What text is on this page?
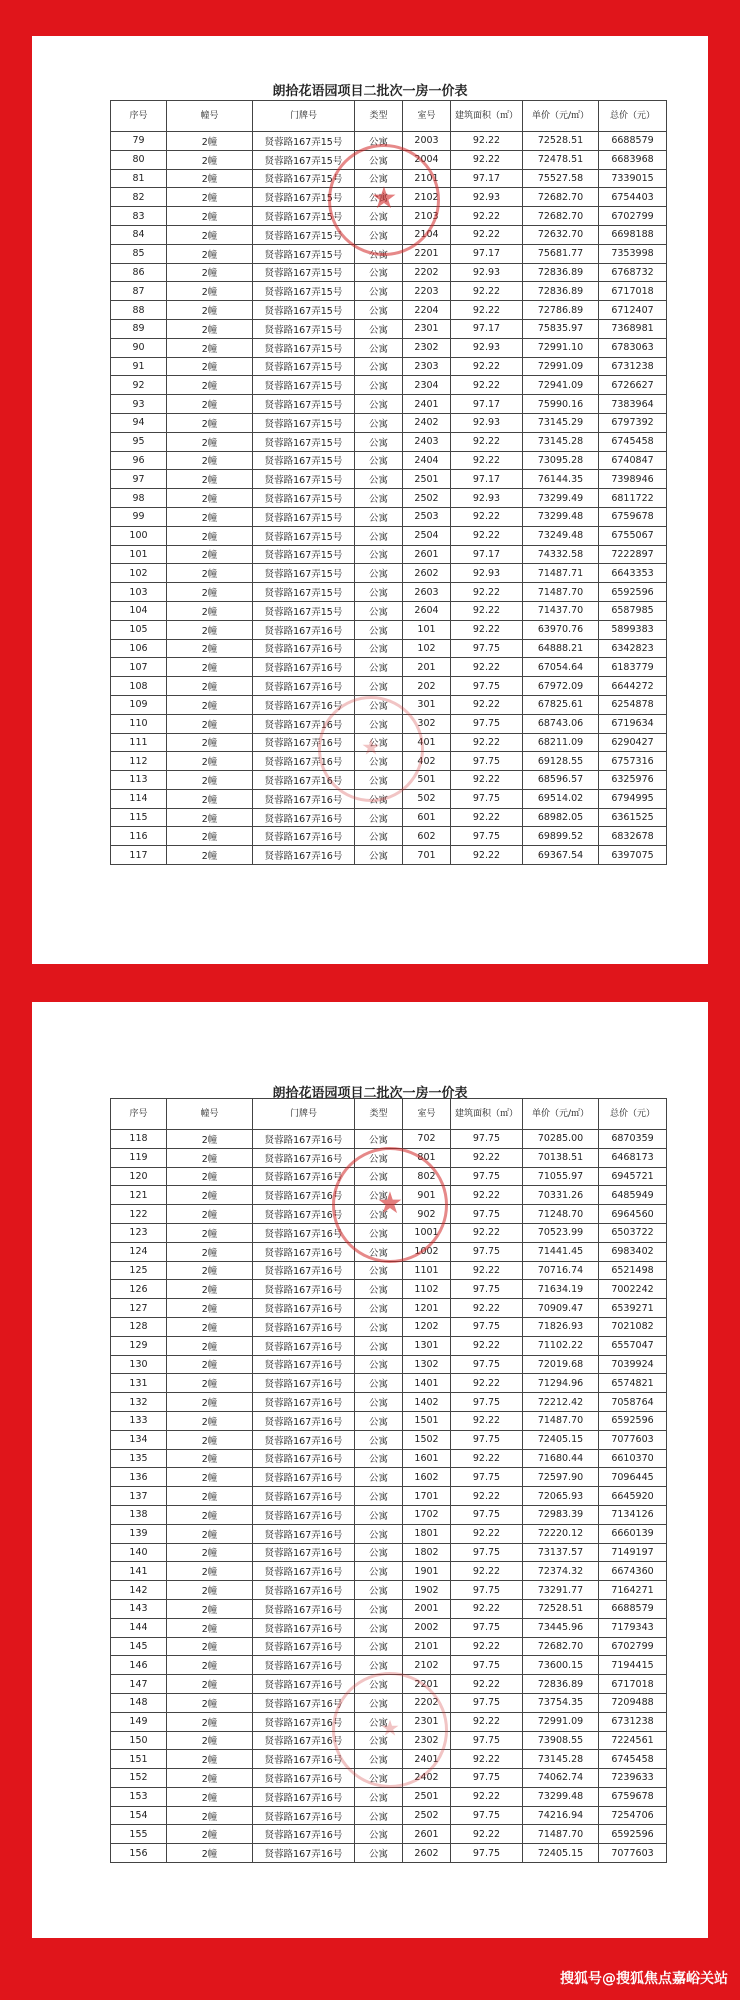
朗拾花语园项目二批次一房一价表
序号	幢号	门牌号	类型	室号	建筑面积（㎡）	单价（元/㎡）	总价（元）
79	2幢	贤蓉路167弄15号	公寓	2003	92.22	72528.51	6688579
80	2幢	贤蓉路167弄15号	公寓	2004	92.22	72478.51	6683968
81	2幢	贤蓉路167弄15号	公寓	2101	97.17	75527.58	7339015
82	2幢	贤蓉路167弄15号	公寓	2102	92.93	72682.70	6754403
83	2幢	贤蓉路167弄15号	公寓	2103	92.22	72682.70	6702799
84	2幢	贤蓉路167弄15号	公寓	2104	92.22	72632.70	6698188
85	2幢	贤蓉路167弄15号	公寓	2201	97.17	75681.77	7353998
86	2幢	贤蓉路167弄15号	公寓	2202	92.93	72836.89	6768732
87	2幢	贤蓉路167弄15号	公寓	2203	92.22	72836.89	6717018
88	2幢	贤蓉路167弄15号	公寓	2204	92.22	72786.89	6712407
89	2幢	贤蓉路167弄15号	公寓	2301	97.17	75835.97	7368981
90	2幢	贤蓉路167弄15号	公寓	2302	92.93	72991.10	6783063
91	2幢	贤蓉路167弄15号	公寓	2303	92.22	72991.09	6731238
92	2幢	贤蓉路167弄15号	公寓	2304	92.22	72941.09	6726627
93	2幢	贤蓉路167弄15号	公寓	2401	97.17	75990.16	7383964
94	2幢	贤蓉路167弄15号	公寓	2402	92.93	73145.29	6797392
95	2幢	贤蓉路167弄15号	公寓	2403	92.22	73145.28	6745458
96	2幢	贤蓉路167弄15号	公寓	2404	92.22	73095.28	6740847
97	2幢	贤蓉路167弄15号	公寓	2501	97.17	76144.35	7398946
98	2幢	贤蓉路167弄15号	公寓	2502	92.93	73299.49	6811722
99	2幢	贤蓉路167弄15号	公寓	2503	92.22	73299.48	6759678
100	2幢	贤蓉路167弄15号	公寓	2504	92.22	73249.48	6755067
101	2幢	贤蓉路167弄15号	公寓	2601	97.17	74332.58	7222897
102	2幢	贤蓉路167弄15号	公寓	2602	92.93	71487.71	6643353
103	2幢	贤蓉路167弄15号	公寓	2603	92.22	71487.70	6592596
104	2幢	贤蓉路167弄15号	公寓	2604	92.22	71437.70	6587985
105	2幢	贤蓉路167弄16号	公寓	101	92.22	63970.76	5899383
106	2幢	贤蓉路167弄16号	公寓	102	97.75	64888.21	6342823
107	2幢	贤蓉路167弄16号	公寓	201	92.22	67054.64	6183779
108	2幢	贤蓉路167弄16号	公寓	202	97.75	67972.09	6644272
109	2幢	贤蓉路167弄16号	公寓	301	92.22	67825.61	6254878
110	2幢	贤蓉路167弄16号	公寓	302	97.75	68743.06	6719634
111	2幢	贤蓉路167弄16号	公寓	401	92.22	68211.09	6290427
112	2幢	贤蓉路167弄16号	公寓	402	97.75	69128.55	6757316
113	2幢	贤蓉路167弄16号	公寓	501	92.22	68596.57	6325976
114	2幢	贤蓉路167弄16号	公寓	502	97.75	69514.02	6794995
115	2幢	贤蓉路167弄16号	公寓	601	92.22	68982.05	6361525
116	2幢	贤蓉路167弄16号	公寓	602	97.75	69899.52	6832678
117	2幢	贤蓉路167弄16号	公寓	701	92.22	69367.54	6397075
★
★
朗拾花语园项目二批次一房一价表
序号	幢号	门牌号	类型	室号	建筑面积（㎡）	单价（元/㎡）	总价（元）
118	2幢	贤蓉路167弄16号	公寓	702	97.75	70285.00	6870359
119	2幢	贤蓉路167弄16号	公寓	801	92.22	70138.51	6468173
120	2幢	贤蓉路167弄16号	公寓	802	97.75	71055.97	6945721
121	2幢	贤蓉路167弄16号	公寓	901	92.22	70331.26	6485949
122	2幢	贤蓉路167弄16号	公寓	902	97.75	71248.70	6964560
123	2幢	贤蓉路167弄16号	公寓	1001	92.22	70523.99	6503722
124	2幢	贤蓉路167弄16号	公寓	1002	97.75	71441.45	6983402
125	2幢	贤蓉路167弄16号	公寓	1101	92.22	70716.74	6521498
126	2幢	贤蓉路167弄16号	公寓	1102	97.75	71634.19	7002242
127	2幢	贤蓉路167弄16号	公寓	1201	92.22	70909.47	6539271
128	2幢	贤蓉路167弄16号	公寓	1202	97.75	71826.93	7021082
129	2幢	贤蓉路167弄16号	公寓	1301	92.22	71102.22	6557047
130	2幢	贤蓉路167弄16号	公寓	1302	97.75	72019.68	7039924
131	2幢	贤蓉路167弄16号	公寓	1401	92.22	71294.96	6574821
132	2幢	贤蓉路167弄16号	公寓	1402	97.75	72212.42	7058764
133	2幢	贤蓉路167弄16号	公寓	1501	92.22	71487.70	6592596
134	2幢	贤蓉路167弄16号	公寓	1502	97.75	72405.15	7077603
135	2幢	贤蓉路167弄16号	公寓	1601	92.22	71680.44	6610370
136	2幢	贤蓉路167弄16号	公寓	1602	97.75	72597.90	7096445
137	2幢	贤蓉路167弄16号	公寓	1701	92.22	72065.93	6645920
138	2幢	贤蓉路167弄16号	公寓	1702	97.75	72983.39	7134126
139	2幢	贤蓉路167弄16号	公寓	1801	92.22	72220.12	6660139
140	2幢	贤蓉路167弄16号	公寓	1802	97.75	73137.57	7149197
141	2幢	贤蓉路167弄16号	公寓	1901	92.22	72374.32	6674360
142	2幢	贤蓉路167弄16号	公寓	1902	97.75	73291.77	7164271
143	2幢	贤蓉路167弄16号	公寓	2001	92.22	72528.51	6688579
144	2幢	贤蓉路167弄16号	公寓	2002	97.75	73445.96	7179343
145	2幢	贤蓉路167弄16号	公寓	2101	92.22	72682.70	6702799
146	2幢	贤蓉路167弄16号	公寓	2102	97.75	73600.15	7194415
147	2幢	贤蓉路167弄16号	公寓	2201	92.22	72836.89	6717018
148	2幢	贤蓉路167弄16号	公寓	2202	97.75	73754.35	7209488
149	2幢	贤蓉路167弄16号	公寓	2301	92.22	72991.09	6731238
150	2幢	贤蓉路167弄16号	公寓	2302	97.75	73908.55	7224561
151	2幢	贤蓉路167弄16号	公寓	2401	92.22	73145.28	6745458
152	2幢	贤蓉路167弄16号	公寓	2402	97.75	74062.74	7239633
153	2幢	贤蓉路167弄16号	公寓	2501	92.22	73299.48	6759678
154	2幢	贤蓉路167弄16号	公寓	2502	97.75	74216.94	7254706
155	2幢	贤蓉路167弄16号	公寓	2601	92.22	71487.70	6592596
156	2幢	贤蓉路167弄16号	公寓	2602	97.75	72405.15	7077603
★
★
搜狐号@搜狐焦点嘉峪关站
